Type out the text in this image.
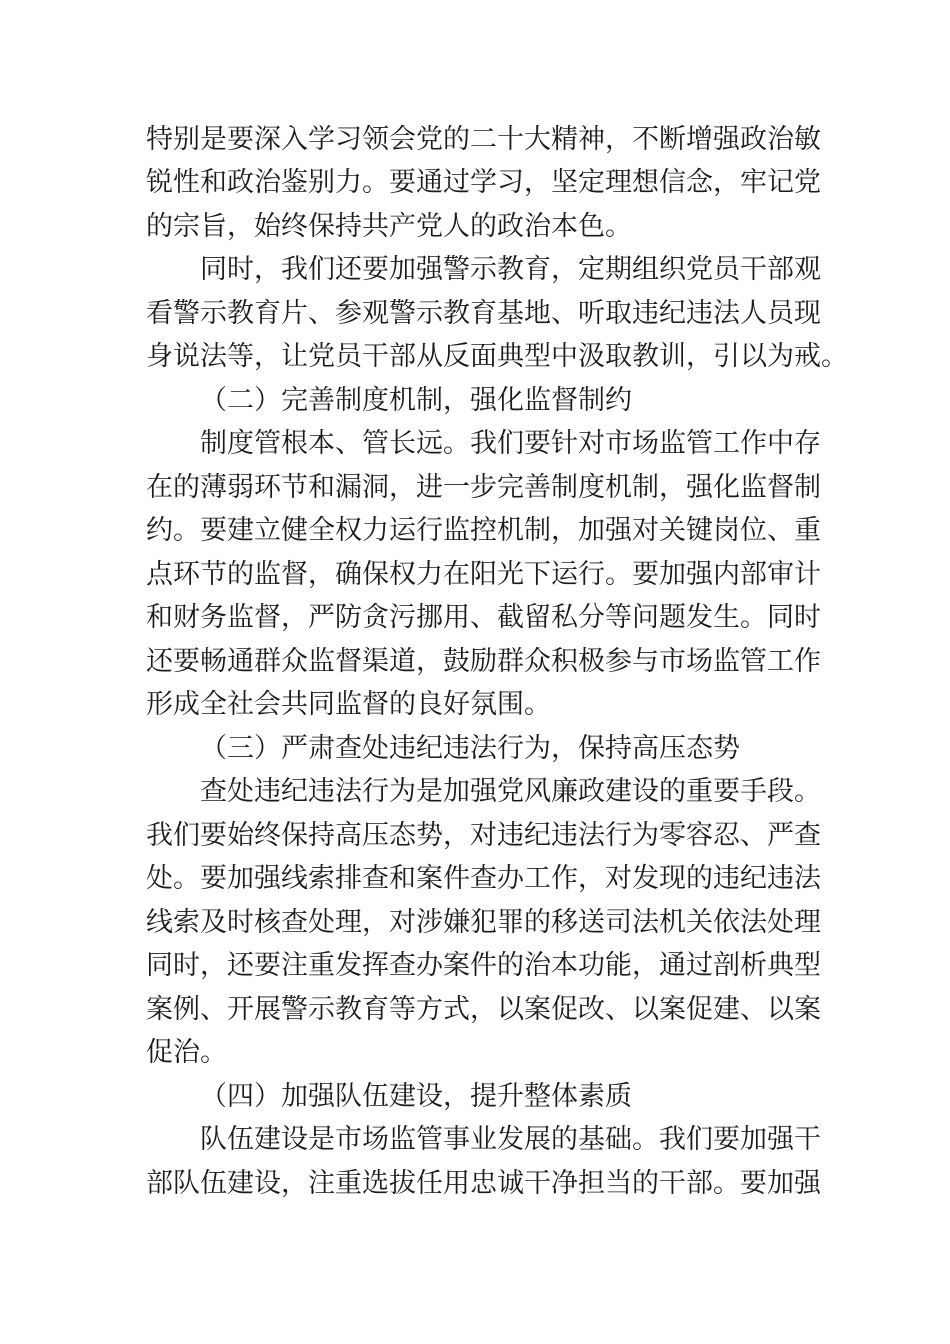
特别是要深入学习领会党的二十大精神，不断增强政治敏
锐性和政治鉴别力。要通过学习，坚定理想信念，牢记党
的宗旨，始终保持共产党人的政治本色。
同时，我们还要加强警示教育，定期组织党员干部观
看警示教育片、参观警示教育基地、听取违纪违法人员现
身说法等，让党员干部从反面典型中汲取教训，引以为戒。
（二）完善制度机制，强化监督制约
制度管根本、管长远。我们要针对市场监管工作中存
在的薄弱环节和漏洞，进一步完善制度机制，强化监督制
约。要建立健全权力运行监控机制，加强对关键岗位、重
点环节的监督，确保权力在阳光下运行。要加强内部审计
和财务监督，严防贪污挪用、截留私分等问题发生。同时
还要畅通群众监督渠道，鼓励群众积极参与市场监管工作
形成全社会共同监督的良好氛围。
（三）严肃查处违纪违法行为，保持高压态势
查处违纪违法行为是加强党风廉政建设的重要手段。
我们要始终保持高压态势，对违纪违法行为零容忍、严查
处。要加强线索排查和案件查办工作，对发现的违纪违法
线索及时核查处理，对涉嫌犯罪的移送司法机关依法处理
同时，还要注重发挥查办案件的治本功能，通过剖析典型
案例、开展警示教育等方式，以案促改、以案促建、以案
促治。
（四）加强队伍建设，提升整体素质
队伍建设是市场监管事业发展的基础。我们要加强干
部队伍建设，注重选拔任用忠诚干净担当的干部。要加强
